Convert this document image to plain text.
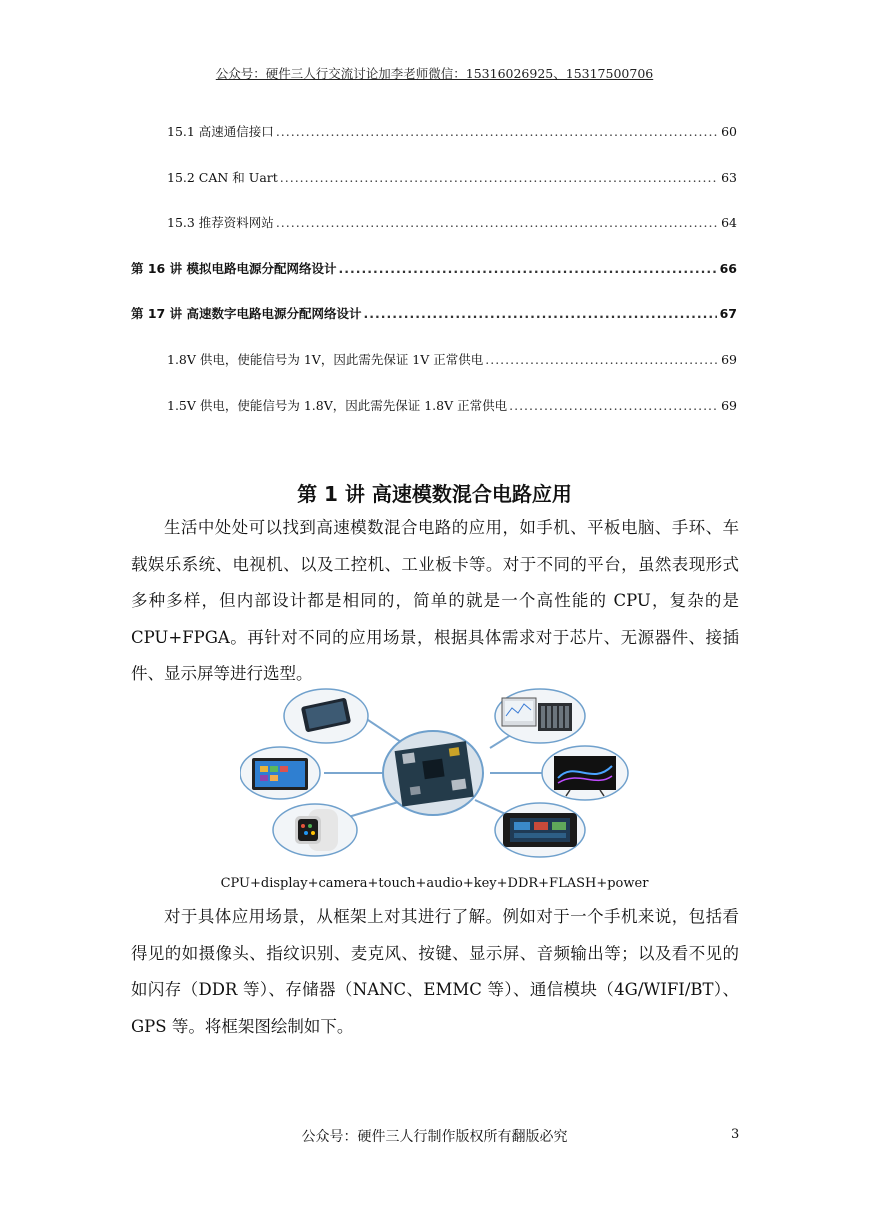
公众号：硬件三人行交流讨论加李老师微信：15316026925、15317500706
15.1 高速通信接口 .....	60
15.2 CAN 和 Uart .....	63
15.3 推荐资料网站 .....	64
第 16 讲 模拟电路电源分配网络设计 .....	66
第 17 讲 高速数字电路电源分配网络设计 .....	67
1.8V 供电，使能信号为 1V，因此需先保证 1V 正常供电 .....	69
1.5V 供电，使能信号为 1.8V，因此需先保证 1.8V 正常供电 .....	69
第 1 讲 高速模数混合电路应用

生活中处处可以找到高速模数混合电路的应用，如手机、平板电脑、手环、车载娱乐系统、电视机、以及工控机、工业板卡等。对于不同的平台，虽然表现形式多种多样，但内部设计都是相同的，简单的就是一个高性能的 CPU，复杂的是 CPU+FPGA。再针对不同的应用场景，根据具体需求对于芯片、无源器件、接插件、显示屏等进行选型。

CPU+display+camera+touch+audio+key+DDR+FLASH+power

对于具体应用场景，从框架上对其进行了解。例如对于一个手机来说，包括看得见的如摄像头、指纹识别、麦克风、按键、显示屏、音频输出等；以及看不见的如闪存（DDR 等）、存储器（NANC、EMMC 等）、通信模块（4G/WIFI/BT）、GPS 等。将框架图绘制如下。

公众号：硬件三人行制作版权所有翻版必究	3
